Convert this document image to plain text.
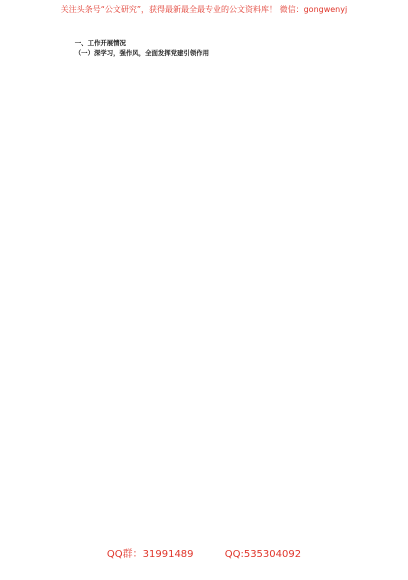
关注头条号“公文研究”，获得最新最全最专业的公文资料库！ 微信：gongwenyj

一、工作开展情况

（一）深学习，强作风，全面发挥党建引领作用

QQ群：31991489	QQ:535304092
